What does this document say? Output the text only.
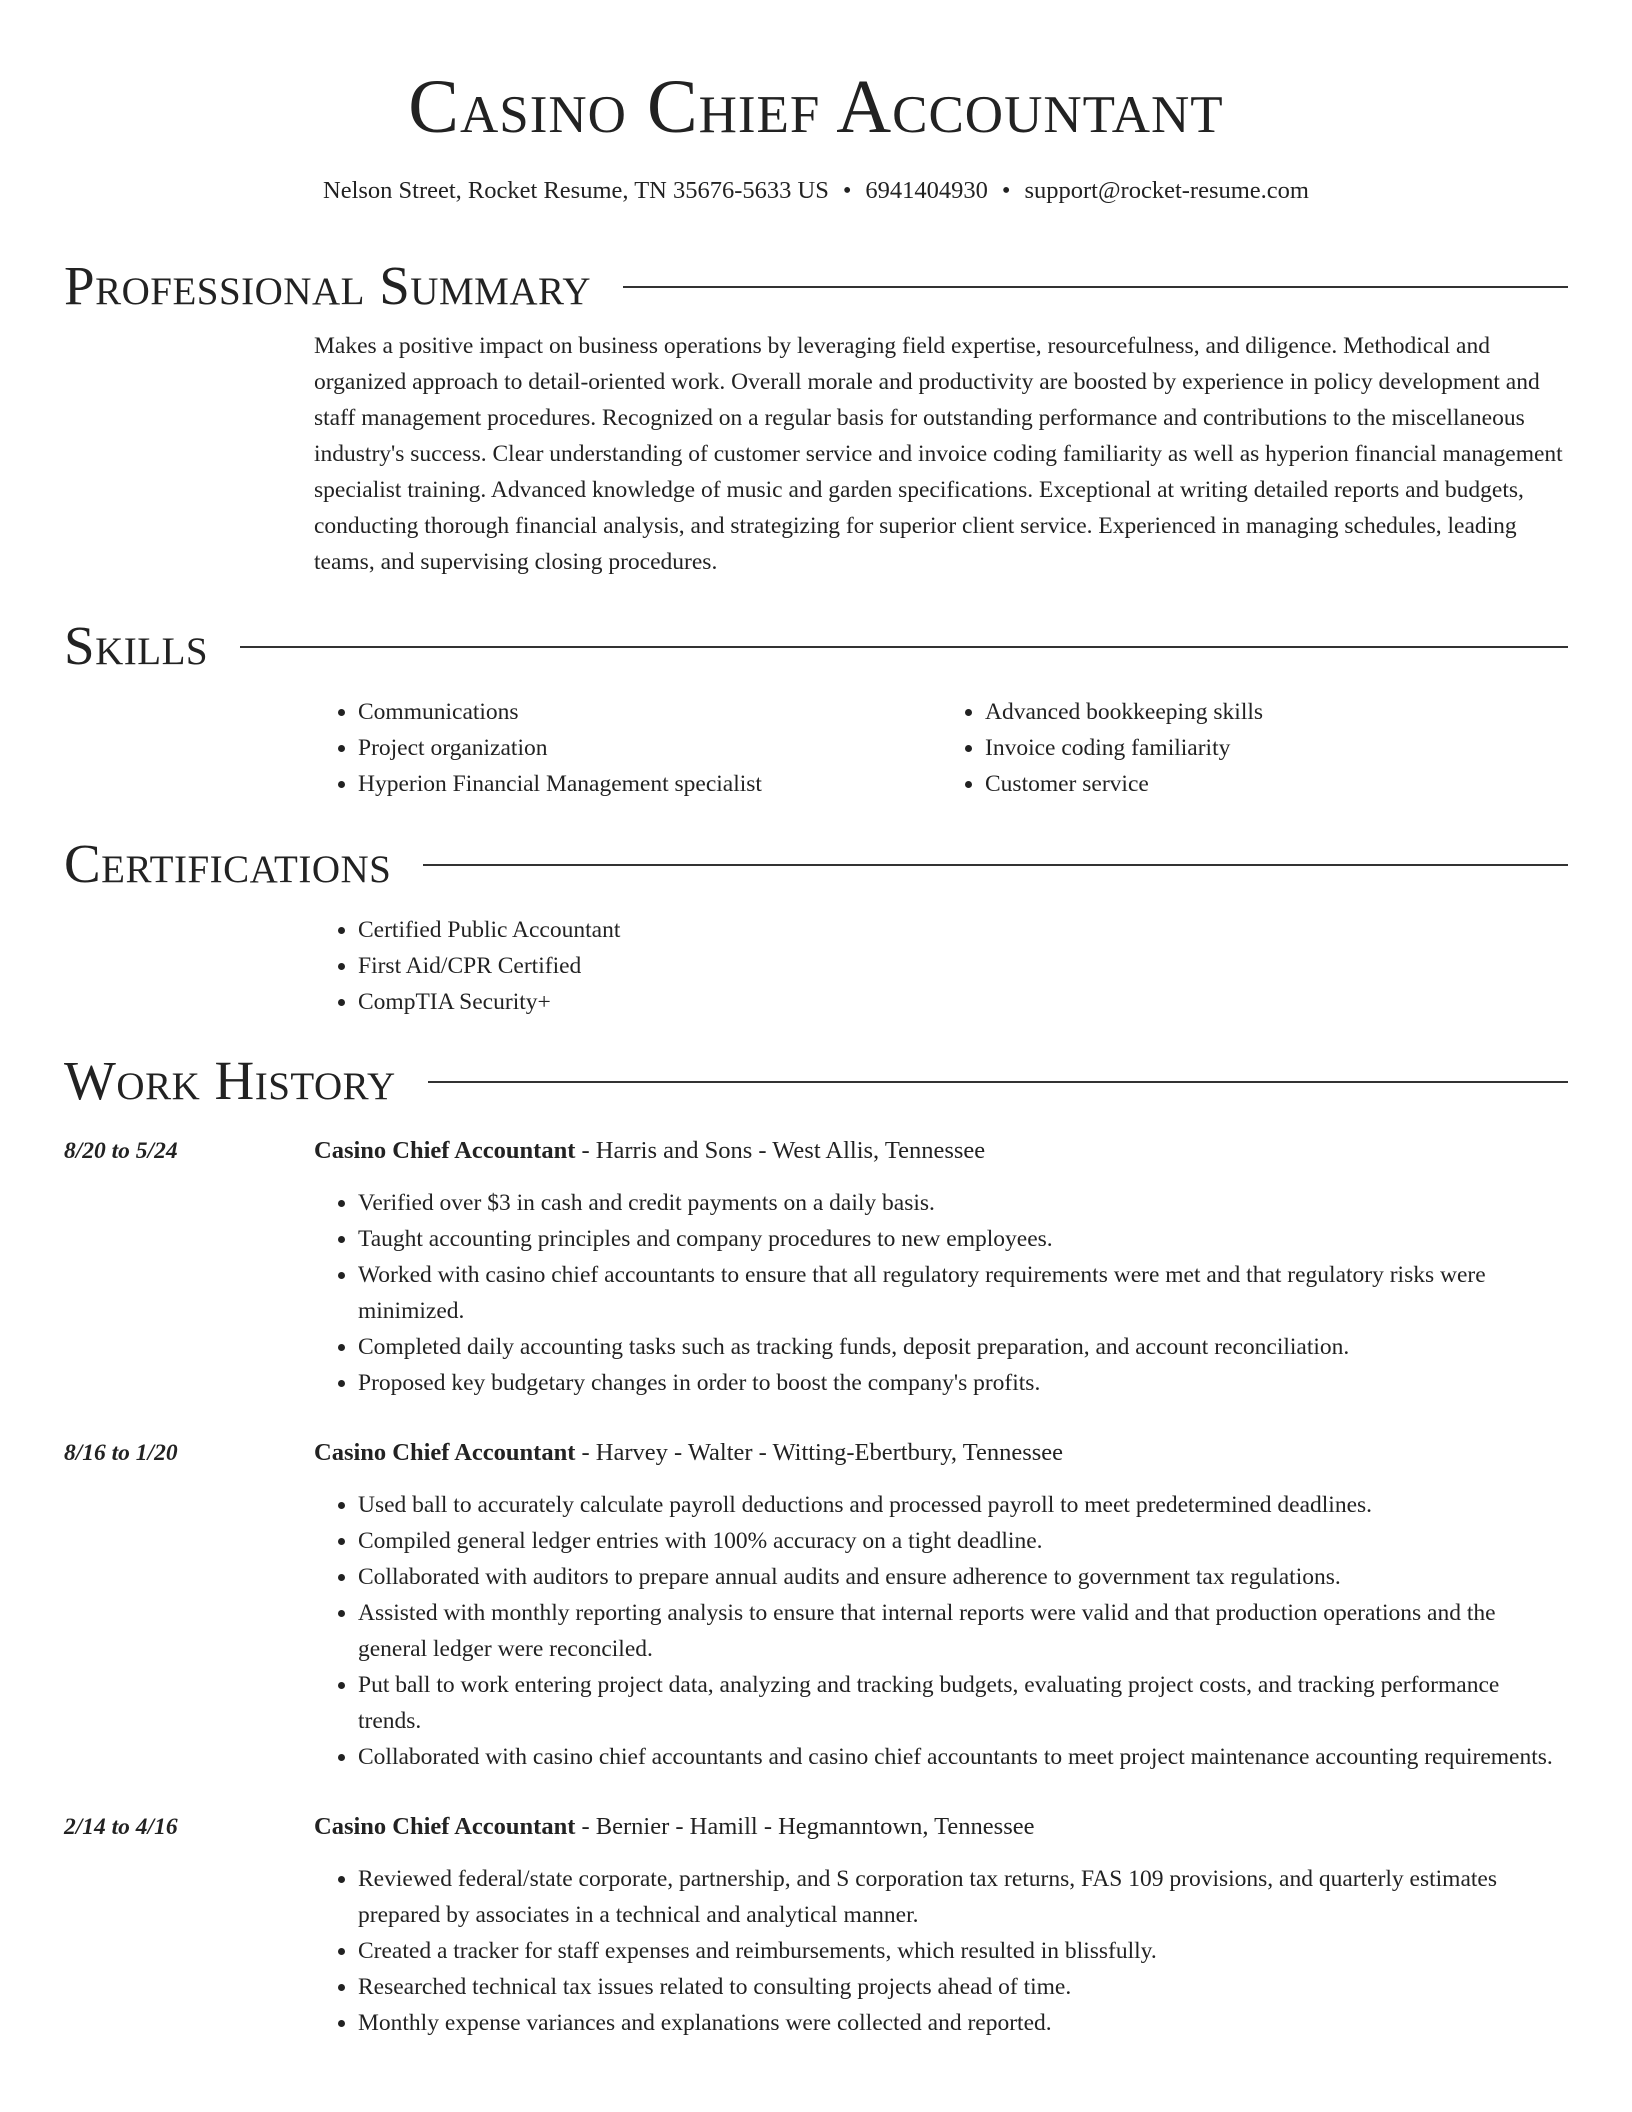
Casino Chief Accountant
Nelson Street, Rocket Resume, TN 35676-5633 US • 6941404930 • support@rocket-resume.com
Professional Summary

Makes a positive impact on business operations by leveraging field expertise, resourcefulness, and diligence. Methodical and organized approach to detail-oriented work. Overall morale and productivity are boosted by experience in policy development and staff management procedures. Recognized on a regular basis for outstanding performance and contributions to the miscellaneous industry's success. Clear understanding of customer service and invoice coding familiarity as well as hyperion financial management specialist training. Advanced knowledge of music and garden specifications. Exceptional at writing detailed reports and budgets, conducting thorough financial analysis, and strategizing for superior client service. Experienced in managing schedules, leading teams, and supervising closing procedures.

Skills
• Communications
• Project organization
• Hyperion Financial Management specialist
• Advanced bookkeeping skills
• Invoice coding familiarity
• Customer service
Certifications
• Certified Public Accountant
• First Aid/CPR Certified
• CompTIA Security+
Work History
8/20 to 5/24	Casino Chief Accountant - Harris and Sons - West Allis, Tennessee
• Verified over $3 in cash and credit payments on a daily basis.
• Taught accounting principles and company procedures to new employees.
• Worked with casino chief accountants to ensure that all regulatory requirements were met and that regulatory risks were minimized.
• Completed daily accounting tasks such as tracking funds, deposit preparation, and account reconciliation.
• Proposed key budgetary changes in order to boost the company's profits.
8/16 to 1/20	Casino Chief Accountant - Harvey - Walter - Witting-Ebertbury, Tennessee
• Used ball to accurately calculate payroll deductions and processed payroll to meet predetermined deadlines.
• Compiled general ledger entries with 100% accuracy on a tight deadline.
• Collaborated with auditors to prepare annual audits and ensure adherence to government tax regulations.
• Assisted with monthly reporting analysis to ensure that internal reports were valid and that production operations and the general ledger were reconciled.
• Put ball to work entering project data, analyzing and tracking budgets, evaluating project costs, and tracking performance trends.
• Collaborated with casino chief accountants and casino chief accountants to meet project maintenance accounting requirements.
2/14 to 4/16	Casino Chief Accountant - Bernier - Hamill - Hegmanntown, Tennessee
• Reviewed federal/state corporate, partnership, and S corporation tax returns, FAS 109 provisions, and quarterly estimates prepared by associates in a technical and analytical manner.
• Created a tracker for staff expenses and reimbursements, which resulted in blissfully.
• Researched technical tax issues related to consulting projects ahead of time.
• Monthly expense variances and explanations were collected and reported.
